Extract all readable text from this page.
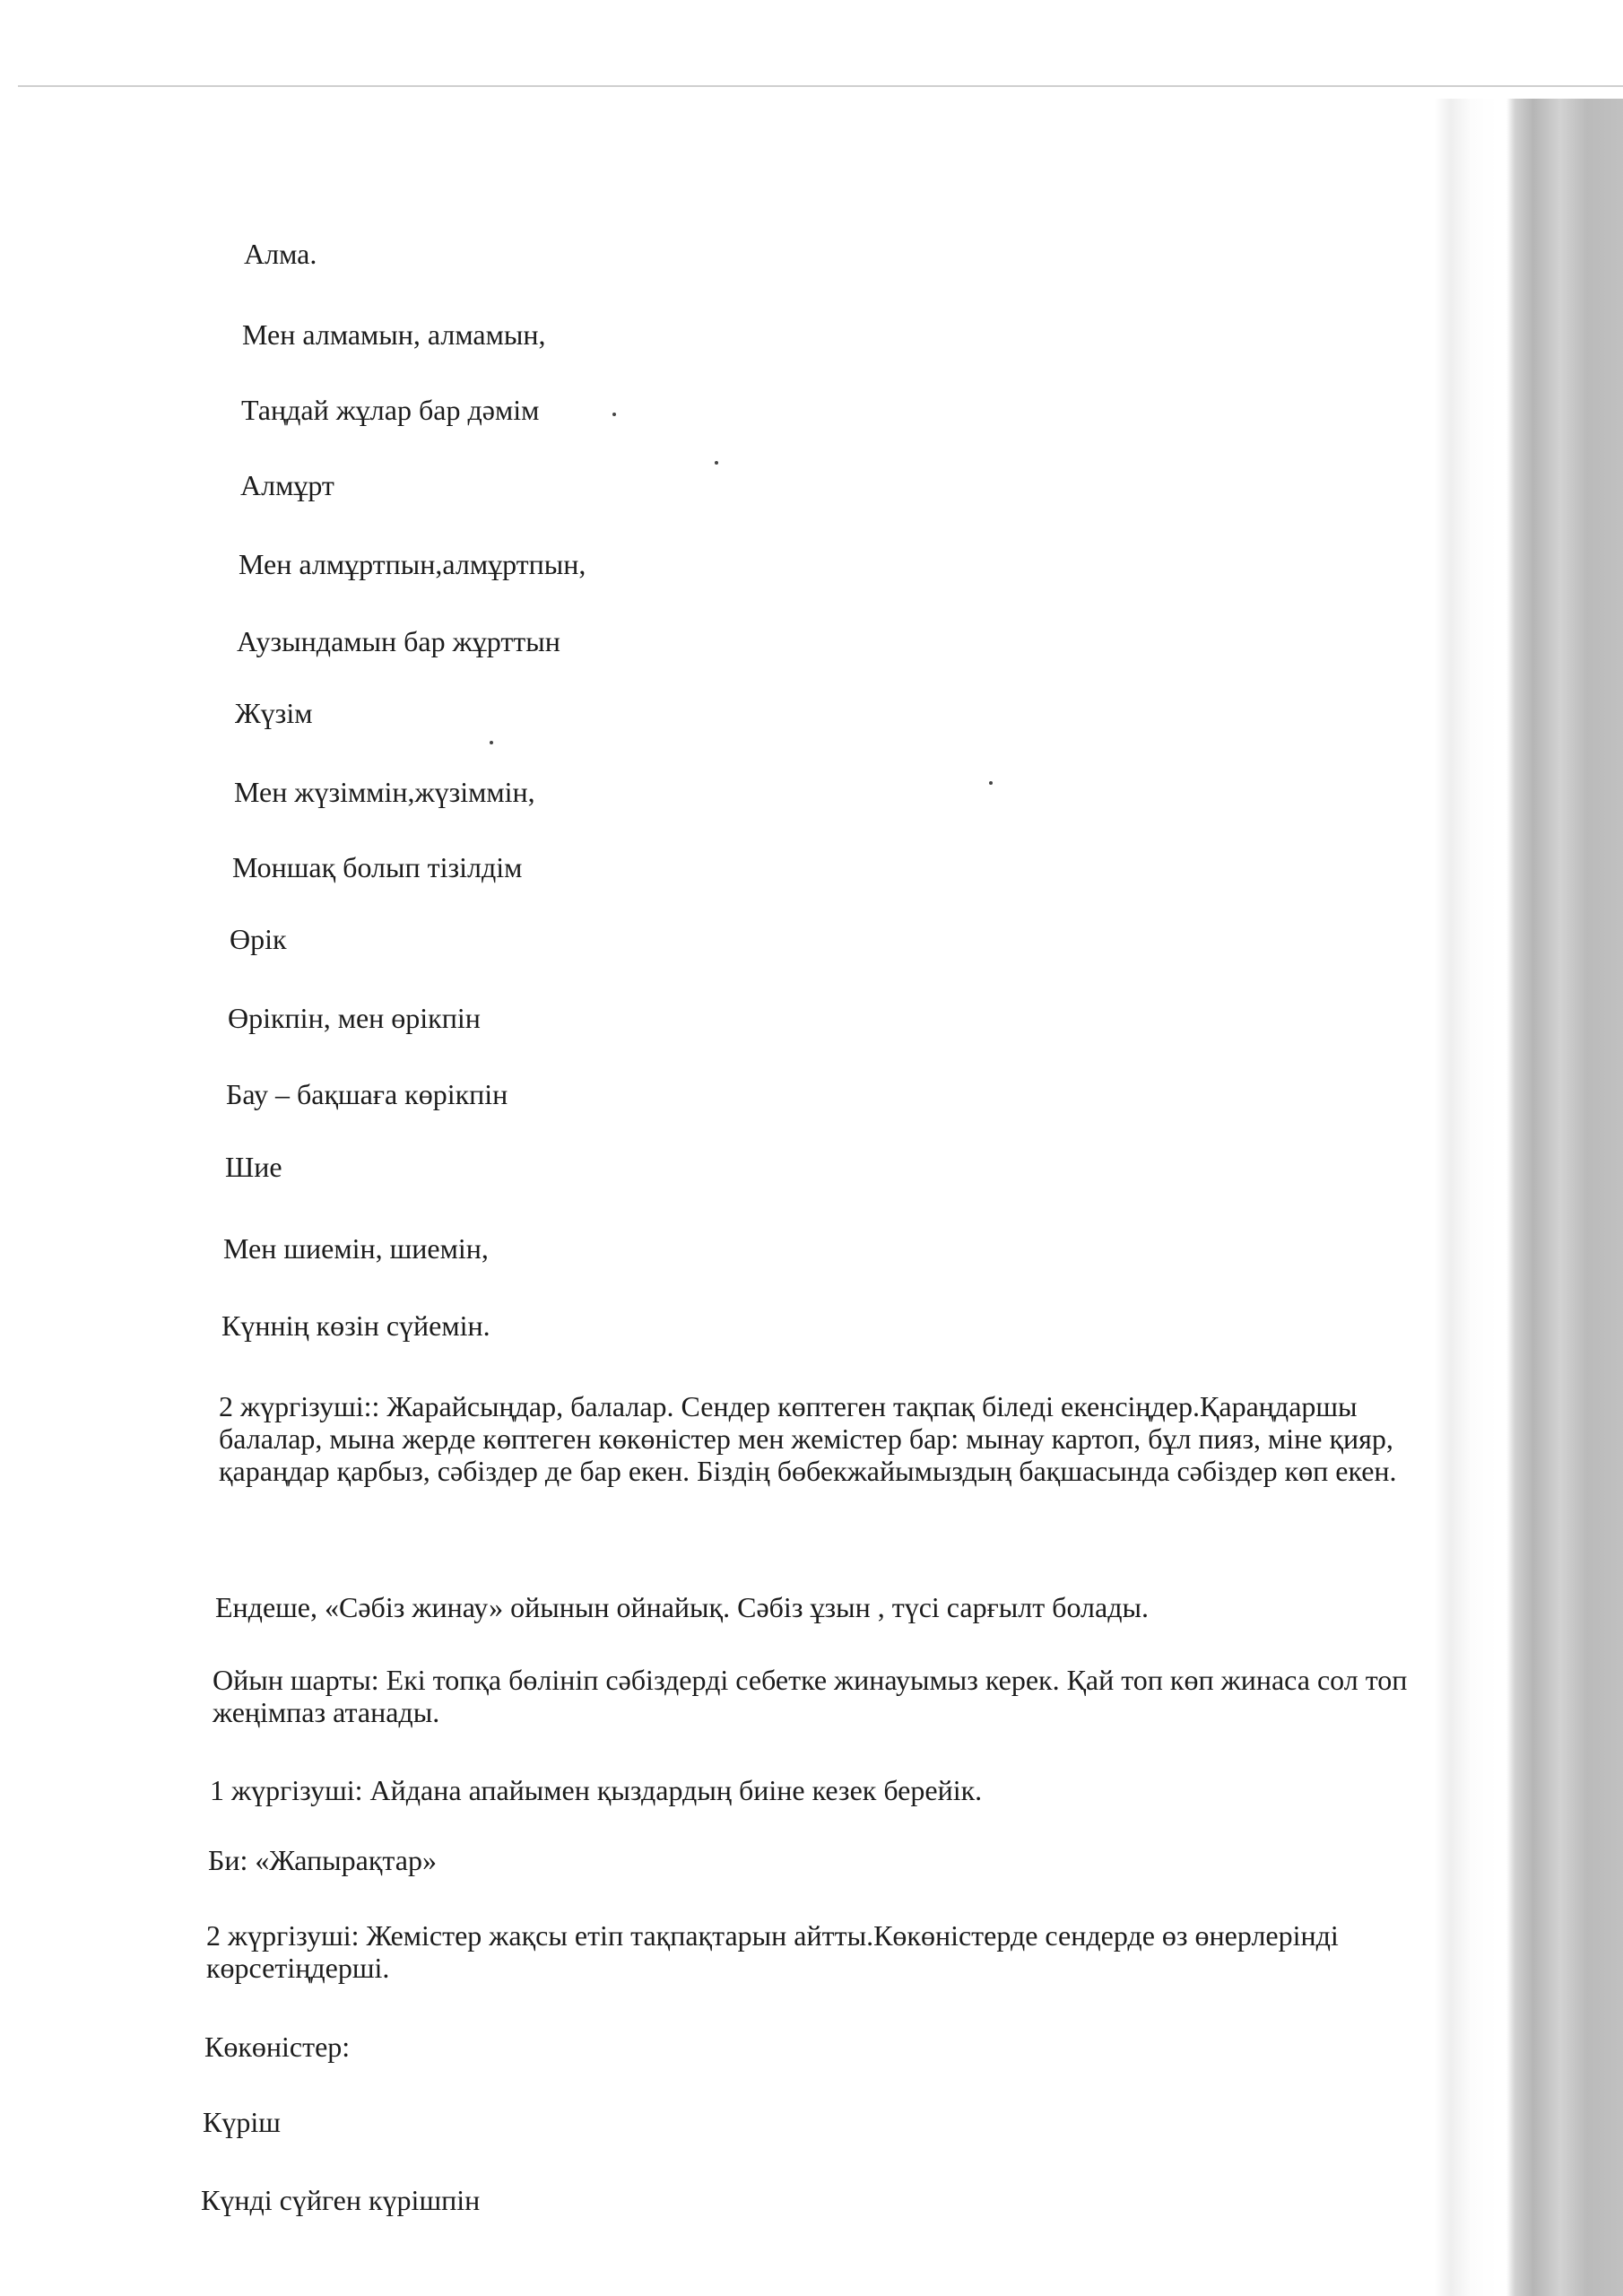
Алма.
Мен алмамын, алмамын,
Таңдай жұлар бар дәмім
Алмұрт
Мен алмұртпын,алмұртпын,
Аузындамын бар жұрттын
Жүзім
Мен жүзіммін,жүзіммін,
Моншақ болып тізілдім
Өрік
Өрікпін, мен өрікпін
Бау – бақшаға көрікпін
Шие
Мен шиемін, шиемін,
Күннің көзін сүйемін.
2 жүргізуші:: Жарайсыңдар, балалар. Сендер көптеген тақпақ біледі екенсіңдер.Қараңдаршы балалар, мына жерде көптеген көкөністер мен жемістер бар: мынау картоп, бұл пияз, міне қияр, қараңдар қарбыз, сәбіздер де бар екен. Біздің бөбекжайымыздың бақшасында сәбіздер көп екен.
Ендеше, «Сәбіз жинау» ойынын ойнайық. Сәбіз ұзын , түсі сарғылт болады.
Ойын шарты: Екі топқа бөлініп сәбіздерді себетке жинауымыз керек. Қай топ көп жинаса сол топ жеңімпаз атанады.
1 жүргізуші: Айдана апайымен қыздардың биіне кезек берейік.
Би: «Жапырақтар»
2 жүргізуші: Жемістер жақсы етіп тақпақтарын айтты.Көкөністерде сендерде өз өнерлерінді көрсетіңдерші.
Көкөністер:
Күріш
Күнді сүйген күрішпін
